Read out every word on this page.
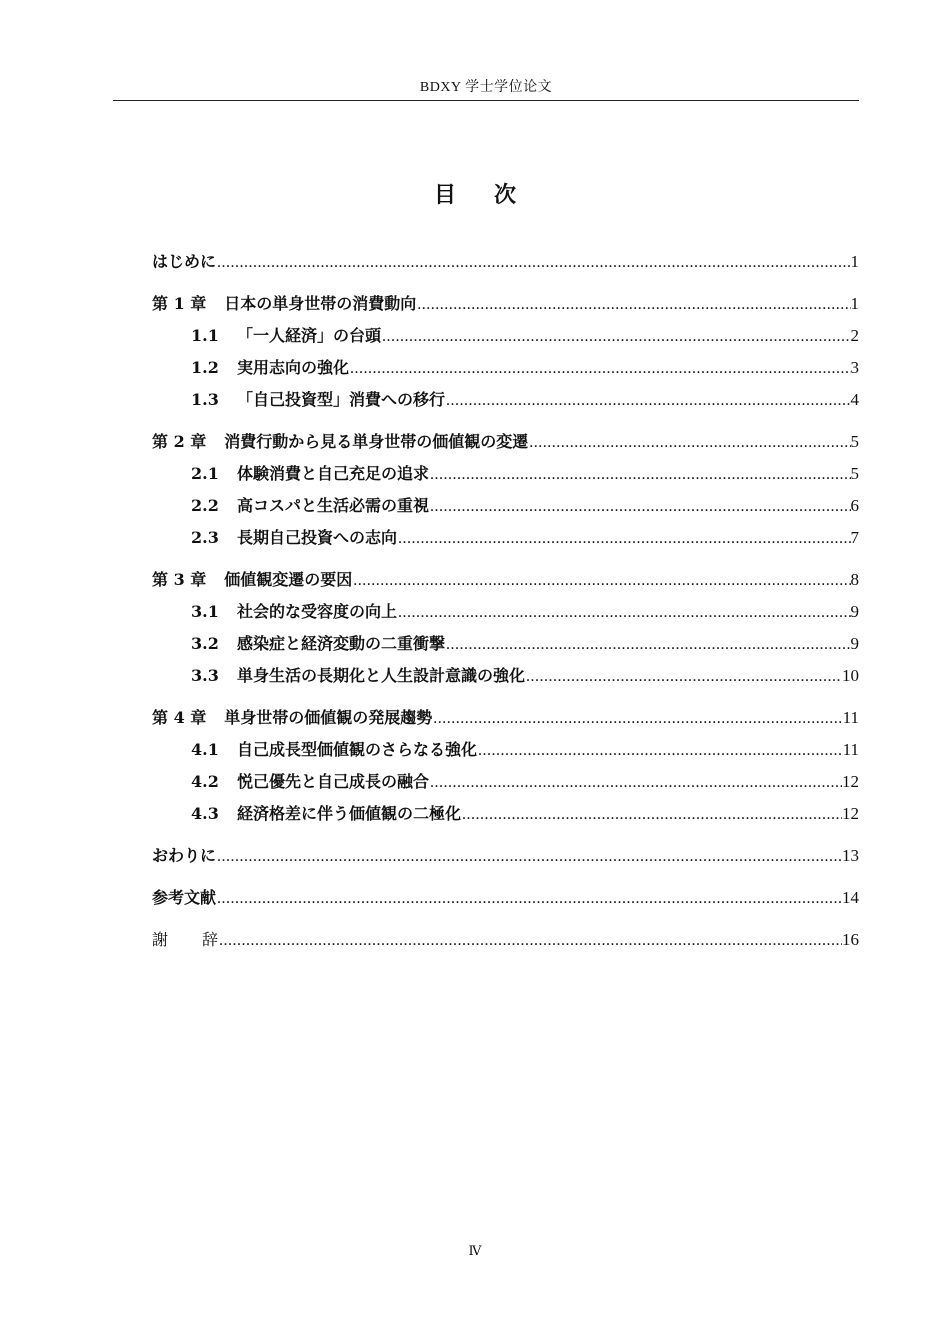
BDXY 学士学位论文
目 次
はじめに .....	1
第 1 章 日本の単身世帯の消費動向 .....	1
1.1 「一人経済」の台頭 .....	2
1.2 実用志向の強化 .....	3
1.3 「自己投資型」消費への移行 .....	4
第 2 章 消費行動から見る単身世帯の価値観の変遷 .....	5
2.1 体験消費と自己充足の追求 .....	5
2.2 高コスパと生活必需の重視 .....	6
2.3 長期自己投資への志向 .....	7
第 3 章 価値観変遷の要因 .....	8
3.1 社会的な受容度の向上 .....	9
3.2 感染症と経済変動の二重衝撃 .....	9
3.3 単身生活の長期化と人生設計意識の強化 .....	10
第 4 章 単身世帯の価値観の発展趨勢 .....	11
4.1 自己成長型価値観のさらなる強化 .....	11
4.2 悦己優先と自己成長の融合 .....	12
4.3 経済格差に伴う価値観の二極化 .....	12
おわりに .....	13
参考文献 .....	14
謝 辞 .....	16
Ⅳ
